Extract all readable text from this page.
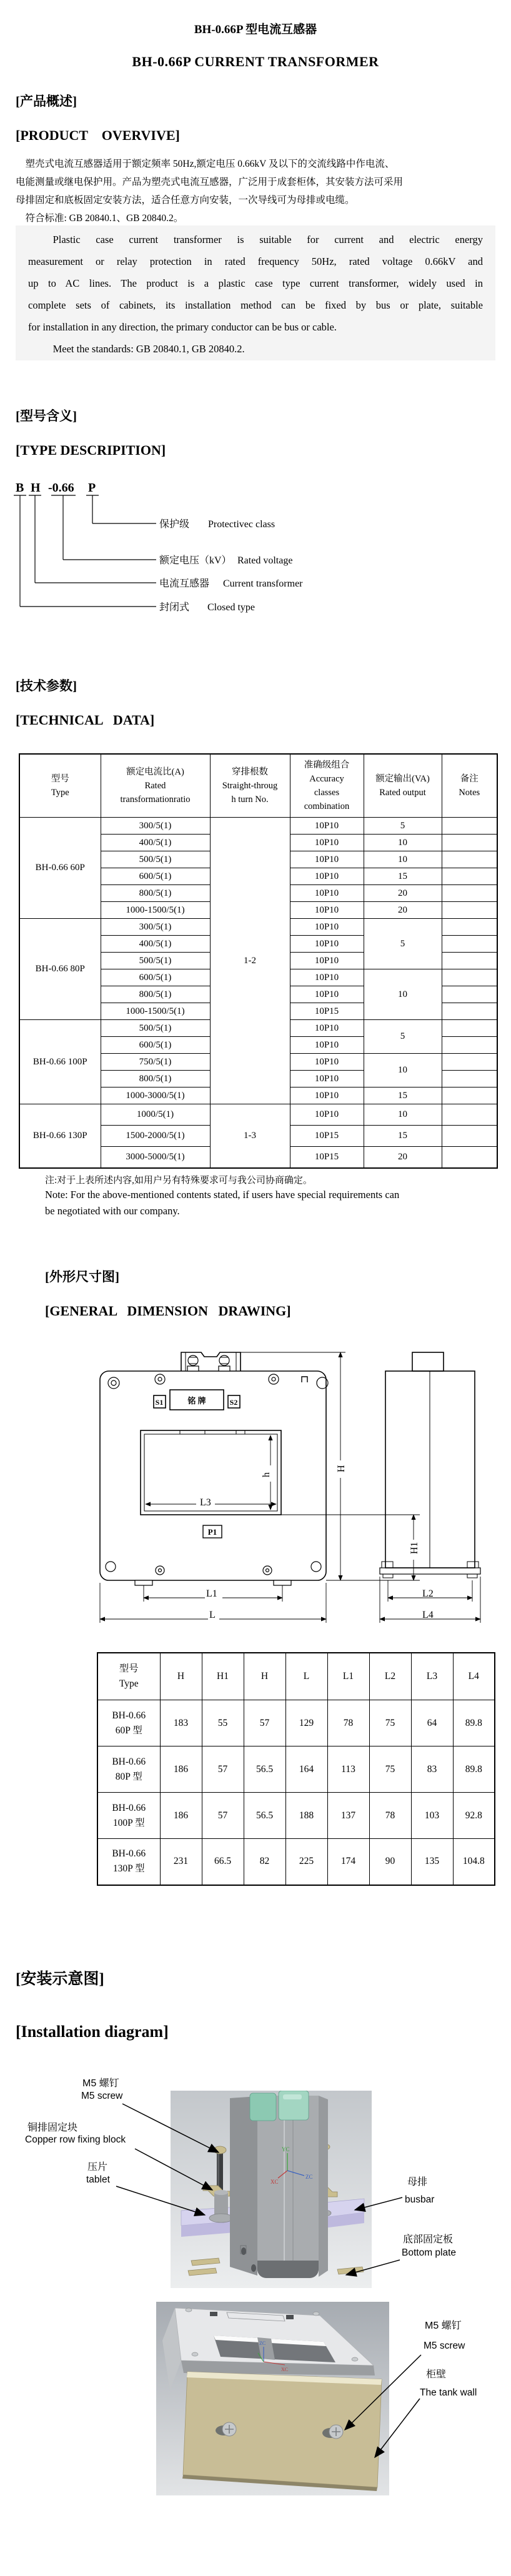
BH-0.66P 型电流互感器
BH-0.66P CURRENT TRANSFORMER
[产品概述]
[PRODUCT    OVERVIVE]
塑壳式电流互感器适用于额定频率 50Hz,额定电压 0.66kV 及以下的交流线路中作电流、
电能测量或继电保护用。产品为塑壳式电流互感器，广泛用于成套柜体，其安装方法可采用
母排固定和底板固定安装方法，适合任意方向安装，一次导线可为母排或电缆。
符合标准: GB 20840.1、GB 20840.2。
Plastic case current transformer is suitable for current and electric energy
measurement or relay protection in rated frequency 50Hz, rated voltage 0.66kV and
up to AC lines. The product is a plastic case type current transformer, widely used in
complete sets of cabinets, its installation method can be fixed by bus or plate, suitable
for installation in any direction, the primary conductor can be bus or cable.
Meet the standards: GB 20840.1, GB 20840.2.
[型号含义]
[TYPE DESCRIPITION]
B H -0.66 P
保护级 Protectivec class
额定电压（kV） Rated voltage
电流互感器 Current transformer
封闭式 Closed type
[技术参数]
[TECHNICAL   DATA]
型号
Type	额定电流比(A)
Rated
transformationratio	穿排根数
Straight-throug
h turn No.	准确级组合
Accuracy
classes
combination	额定输出(VA)
Rated output	备注
Notes
BH-0.66 60P	300/5(1)	1-2	10P10	5	
	400/5(1)		10P10	10	
	500/5(1)		10P10	10	
	600/5(1)		10P10	15	
	800/5(1)		10P10	20	
	1000-1500/5(1)		10P10	20	
BH-0.66 80P	300/5(1)		10P10	5	
	400/5(1)		10P10		
	500/5(1)		10P10		
	600/5(1)		10P10	10	
	800/5(1)		10P10		
	1000-1500/5(1)		10P15		
BH-0.66 100P	500/5(1)		10P10	5	
	600/5(1)		10P10		
	750/5(1)		10P10	10	
	800/5(1)		10P10		
	1000-3000/5(1)		10P10	15	
BH-0.66 130P	1000/5(1)	1-3	10P10	10	
	1500-2000/5(1)		10P15	15	
	3000-5000/5(1)		10P15	20	
注:对于上表所述内容,如用户另有特殊要求可与我公司协商确定。
Note: For the above-mentioned contents stated, if users have special requirements can
be negotiated with our company.
[外形尺寸图]
[GENERAL   DIMENSION   DRAWING]
铭 牌
S1	S2
P1
L3
h
H
H1
L1
L
L2
L4
型号
Type	H	H1	H	L	L1	L2	L3	L4
BH-0.66
60P 型	183	55	57	129	78	75	64	89.8
BH-0.66
80P 型	186	57	56.5	164	113	75	83	89.8
BH-0.66
100P 型	186	57	56.5	188	137	78	103	92.8
BH-0.66
130P 型	231	66.5	82	225	174	90	135	104.8
[安装示意图]
[Installation diagram]
YC
XC
ZC
ZC
XC
M5 螺钉
M5 screw
铜排固定块
Copper row fixing block
压片
tablet	母排
busbar
底部固定板
Bottom plate
M5 螺钉
M5 screw
柜壁
The tank wall
